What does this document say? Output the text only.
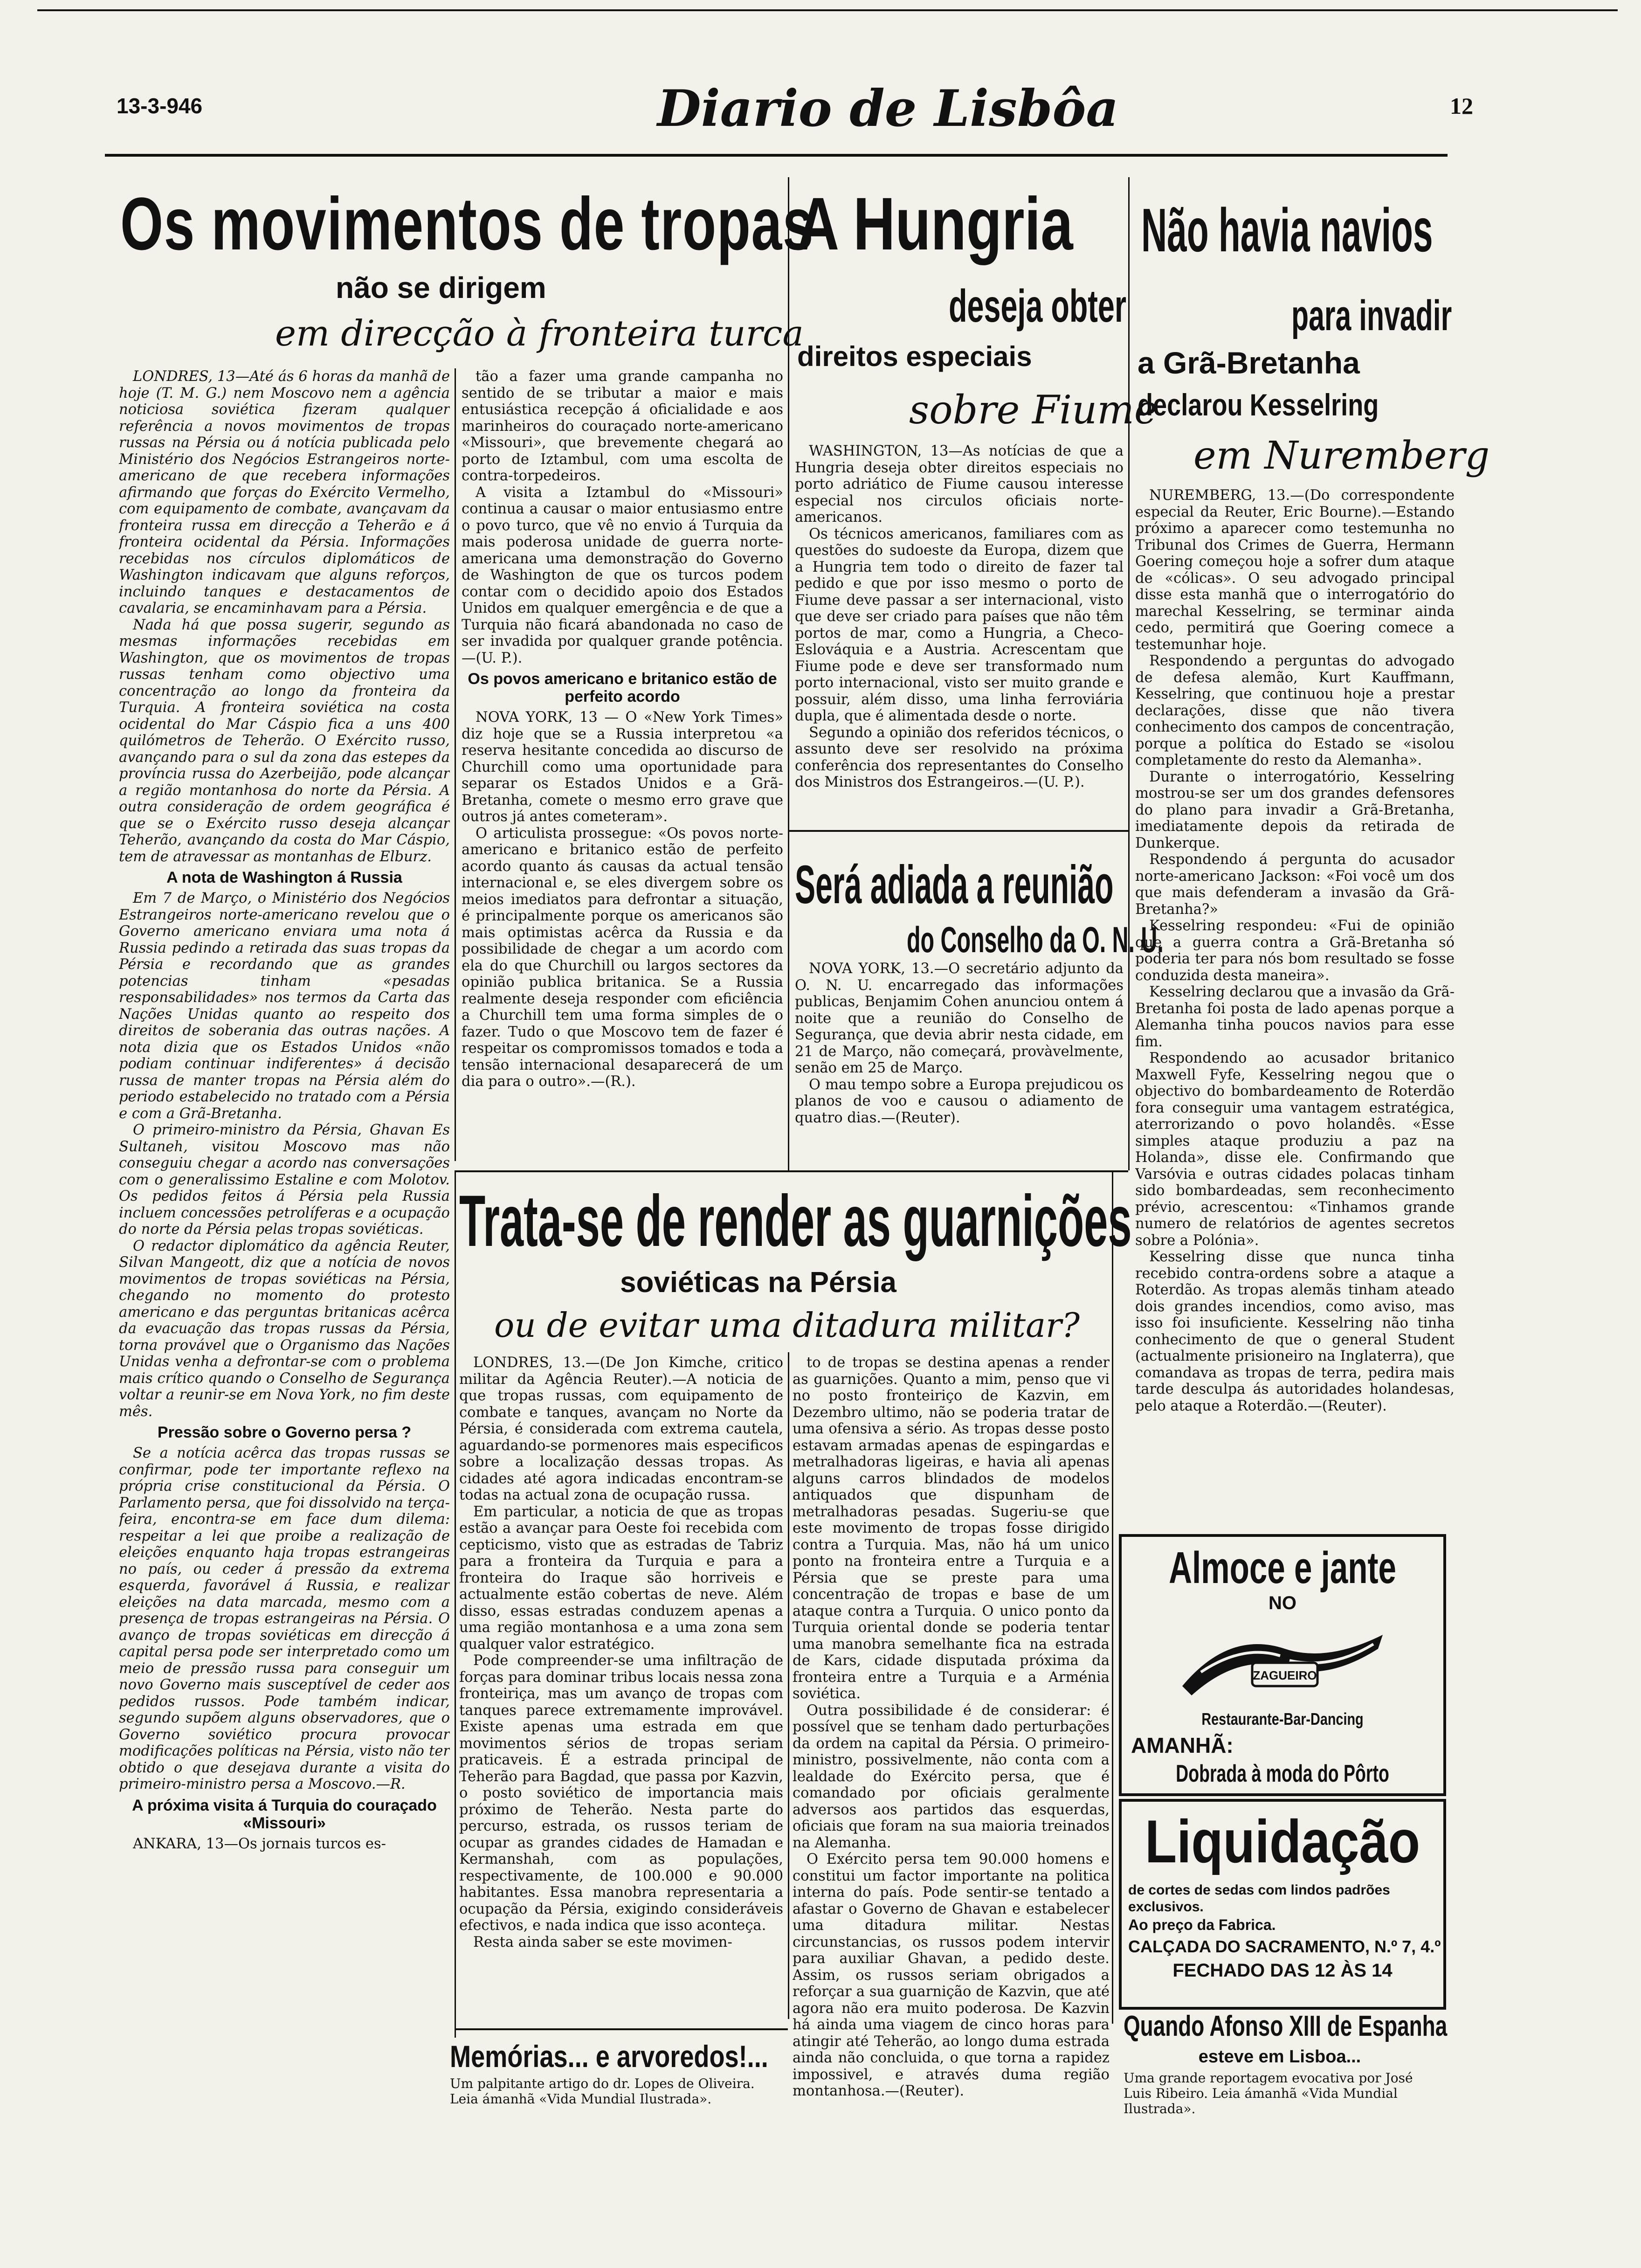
13-3-946	Diario de Lisbôa	12
Os movimentos de tropas
não se dirigem
em direcção à fronteira turca

LONDRES, 13—Até ás 6 horas da manhã de hoje (T. M. G.) nem Moscovo nem a agência noticiosa soviética fizeram qualquer referência a novos movimentos de tropas russas na Pérsia ou á notícia publicada pelo Ministério dos Negócios Estrangeiros norte-americano de que recebera informações afirmando que forças do Exército Vermelho, com equipamento de combate, avançavam da fronteira russa em direcção a Teherão e á fronteira ocidental da Pérsia. Informações recebidas nos círculos diplomáticos de Washington indicavam que alguns reforços, incluindo tanques e destacamentos de cavalaria, se encaminhavam para a Pérsia.

Nada há que possa sugerir, segundo as mesmas informações recebidas em Washington, que os movimentos de tropas russas tenham como objectivo uma concentração ao longo da fronteira da Turquia. A fronteira soviética na costa ocidental do Mar Cáspio fica a uns 400 quilómetros de Teherão. O Exército russo, avançando para o sul da zona das estepes da província russa do Azerbeijão, pode alcançar a região montanhosa do norte da Pérsia. A outra consideração de ordem geográfica é que se o Exército russo deseja alcançar Teherão, avançando da costa do Mar Cáspio, tem de atravessar as montanhas de Elburz.

A nota de Washington á Russia

Em 7 de Março, o Ministério dos Negócios Estrangeiros norte-americano revelou que o Governo americano enviara uma nota á Russia pedindo a retirada das suas tropas da Pérsia e recordando que as grandes potencias tinham «pesadas responsabilidades» nos termos da Carta das Nações Unidas quanto ao respeito dos direitos de soberania das outras nações. A nota dizia que os Estados Unidos «não podiam continuar indiferentes» á decisão russa de manter tropas na Pérsia além do periodo estabelecido no tratado com a Pérsia e com a Grã-Bretanha.

O primeiro-ministro da Pérsia, Ghavan Es Sultaneh, visitou Moscovo mas não conseguiu chegar a acordo nas conversações com o generalissimo Estaline e com Molotov. Os pedidos feitos á Pérsia pela Russia incluem concessões petrolíferas e a ocupação do norte da Pérsia pelas tropas soviéticas.

O redactor diplomático da agência Reuter, Silvan Mangeott, diz que a notícia de novos movimentos de tropas soviéticas na Pérsia, chegando no momento do protesto americano e das perguntas britanicas acêrca da evacuação das tropas russas da Pérsia, torna provável que o Organismo das Nações Unidas venha a defrontar-se com o problema mais crítico quando o Conselho de Segurança voltar a reunir-se em Nova York, no fim deste mês.

Pressão sobre o Governo persa ?

Se a notícia acêrca das tropas russas se confirmar, pode ter importante reflexo na própria crise constitucional da Pérsia. O Parlamento persa, que foi dissolvido na terça-feira, encontra-se em face dum dilema: respeitar a lei que proibe a realização de eleições enquanto haja tropas estrangeiras no país, ou ceder á pressão da extrema esquerda, favorável á Russia, e realizar eleições na data marcada, mesmo com a presença de tropas estrangeiras na Pérsia. O avanço de tropas soviéticas em direcção á capital persa pode ser interpretado como um meio de pressão russa para conseguir um novo Governo mais susceptível de ceder aos pedidos russos. Pode também indicar, segundo supõem alguns observadores, que o Governo soviético procura provocar modificações políticas na Pérsia, visto não ter obtido o que desejava durante a visita do primeiro-ministro persa a Moscovo.—R.

A próxima visita á Turquia do couraçado «Missouri»

ANKARA, 13—Os jornais turcos es-

tão a fazer uma grande campanha no sentido de se tributar a maior e mais entusiástica recepção á oficialidade e aos marinheiros do couraçado norte-americano «Missouri», que brevemente chegará ao porto de Iztambul, com uma escolta de contra-torpedeiros.

A visita a Iztambul do «Missouri» continua a causar o maior entusiasmo entre o povo turco, que vê no envio á Turquia da mais poderosa unidade de guerra norte-americana uma demonstração do Governo de Washington de que os turcos podem contar com o decidido apoio dos Estados Unidos em qualquer emergência e de que a Turquia não ficará abandonada no caso de ser invadida por qualquer grande potência.—(U. P.).

Os povos americano e britanico estão de perfeito acordo

NOVA YORK, 13 — O «New York Times» diz hoje que se a Russia interpretou «a reserva hesitante concedida ao discurso de Churchill como uma oportunidade para separar os Estados Unidos e a Grã-Bretanha, comete o mesmo erro grave que outros já antes cometeram».

O articulista prossegue: «Os povos norte-americano e britanico estão de perfeito acordo quanto ás causas da actual tensão internacional e, se eles divergem sobre os meios imediatos para defrontar a situação, é principalmente porque os americanos são mais optimistas acêrca da Russia e da possibilidade de chegar a um acordo com ela do que Churchill ou largos sectores da opinião publica britanica. Se a Russia realmente deseja responder com eficiência a Churchill tem uma forma simples de o fazer. Tudo o que Moscovo tem de fazer é respeitar os compromissos tomados e toda a tensão internacional desaparecerá de um dia para o outro».—(R.).

A Hungria
deseja obter
direitos especiais
sobre Fiume

WASHINGTON, 13—As notícias de que a Hungria deseja obter direitos especiais no porto adriático de Fiume causou interesse especial nos circulos oficiais norte-americanos.

Os técnicos americanos, familiares com as questões do sudoeste da Europa, dizem que a Hungria tem todo o direito de fazer tal pedido e que por isso mesmo o porto de Fiume deve passar a ser internacional, visto que deve ser criado para países que não têm portos de mar, como a Hungria, a Checo-Eslováquia e a Austria. Acrescentam que Fiume pode e deve ser transformado num porto internacional, visto ser muito grande e possuir, além disso, uma linha ferroviária dupla, que é alimentada desde o norte.

Segundo a opinião dos referidos técnicos, o assunto deve ser resolvido na próxima conferência dos representantes do Conselho dos Ministros dos Estrangeiros.—(U. P.).

Será adiada a reunião
do Conselho da O. N. U.

NOVA YORK, 13.—O secretário adjunto da O. N. U. encarregado das informações publicas, Benjamim Cohen anunciou ontem á noite que a reunião do Conselho de Segurança, que devia abrir nesta cidade, em 21 de Março, não começará, provàvelmente, senão em 25 de Março.

O mau tempo sobre a Europa prejudicou os planos de voo e causou o adiamento de quatro dias.—(Reuter).

Não havia navios
para invadir
a Grã-Bretanha
declarou Kesselring
em Nuremberg

NUREMBERG, 13.—(Do correspondente especial da Reuter, Eric Bourne).—Estando próximo a aparecer como testemunha no Tribunal dos Crimes de Guerra, Hermann Goering começou hoje a sofrer dum ataque de «cólicas». O seu advogado principal disse esta manhã que o interrogatório do marechal Kesselring, se terminar ainda cedo, permitirá que Goering comece a testemunhar hoje.

Respondendo a perguntas do advogado de defesa alemão, Kurt Kauffmann, Kesselring, que continuou hoje a prestar declarações, disse que não tivera conhecimento dos campos de concentração, porque a política do Estado se «isolou completamente do resto da Alemanha».

Durante o interrogatório, Kesselring mostrou-se ser um dos grandes defensores do plano para invadir a Grã-Bretanha, imediatamente depois da retirada de Dunkerque.

Respondendo á pergunta do acusador norte-americano Jackson: «Foi você um dos que mais defenderam a invasão da Grã-Bretanha?»

Kesselring respondeu: «Fui de opinião que a guerra contra a Grã-Bretanha só poderia ter para nós bom resultado se fosse conduzida desta maneira».

Kesselring declarou que a invasão da Grã-Bretanha foi posta de lado apenas porque a Alemanha tinha poucos navios para esse fim.

Respondendo ao acusador britanico Maxwell Fyfe, Kesselring negou que o objectivo do bombardeamento de Roterdão fora conseguir uma vantagem estratégica, aterrorizando o povo holandês. «Esse simples ataque produziu a paz na Holanda», disse ele. Confirmando que Varsóvia e outras cidades polacas tinham sido bombardeadas, sem reconhecimento prévio, acrescentou: «Tinhamos grande numero de relatórios de agentes secretos sobre a Polónia».

Kesselring disse que nunca tinha recebido contra-ordens sobre a ataque a Roterdão. As tropas alemãs tinham ateado dois grandes incendios, como aviso, mas isso foi insuficiente. Kesselring não tinha conhecimento de que o general Student (actualmente prisioneiro na Inglaterra), que comandava as tropas de terra, pedira mais tarde desculpa ás autoridades holandesas, pelo ataque a Roterdão.—(Reuter).

Trata-se de render as guarnições
soviéticas na Pérsia
ou de evitar uma ditadura militar?

LONDRES, 13.—(De Jon Kimche, critico militar da Agência Reuter).—A noticia de que tropas russas, com equipamento de combate e tanques, avançam no Norte da Pérsia, é considerada com extrema cautela, aguardando-se pormenores mais especificos sobre a localização dessas tropas. As cidades até agora indicadas encontram-se todas na actual zona de ocupação russa.

Em particular, a noticia de que as tropas estão a avançar para Oeste foi recebida com cepticismo, visto que as estradas de Tabriz para a fronteira da Turquia e para a fronteira do Iraque são horriveis e actualmente estão cobertas de neve. Além disso, essas estradas conduzem apenas a uma região montanhosa e a uma zona sem qualquer valor estratégico.

Pode compreender-se uma infiltração de forças para dominar tribus locais nessa zona fronteiriça, mas um avanço de tropas com tanques parece extremamente improvável. Existe apenas uma estrada em que movimentos sérios de tropas seriam praticaveis. É a estrada principal de Teherão para Bagdad, que passa por Kazvin, o posto soviético de importancia mais próximo de Teherão. Nesta parte do percurso, estrada, os russos teriam de ocupar as grandes cidades de Hamadan e Kermanshah, com as populações, respectivamente, de 100.000 e 90.000 habitantes. Essa manobra representaria a ocupação da Pérsia, exigindo consideráveis efectivos, e nada indica que isso aconteça.

Resta ainda saber se este movimen-

to de tropas se destina apenas a render as guarnições. Quanto a mim, penso que vi no posto fronteiriço de Kazvin, em Dezembro ultimo, não se poderia tratar de uma ofensiva a sério. As tropas desse posto estavam armadas apenas de espingardas e metralhadoras ligeiras, e havia ali apenas alguns carros blindados de modelos antiquados que dispunham de metralhadoras pesadas. Sugeriu-se que este movimento de tropas fosse dirigido contra a Turquia. Mas, não há um unico ponto na fronteira entre a Turquia e a Pérsia que se preste para uma concentração de tropas e base de um ataque contra a Turquia. O unico ponto da Turquia oriental donde se poderia tentar uma manobra semelhante fica na estrada de Kars, cidade disputada próxima da fronteira entre a Turquia e a Arménia soviética.

Outra possibilidade é de considerar: é possível que se tenham dado perturbações da ordem na capital da Pérsia. O primeiro-ministro, possivelmente, não conta com a lealdade do Exército persa, que é comandado por oficiais geralmente adversos aos partidos das esquerdas, oficiais que foram na sua maioria treinados na Alemanha.

O Exército persa tem 90.000 homens e constitui um factor importante na politica interna do país. Pode sentir-se tentado a afastar o Governo de Ghavan e estabelecer uma ditadura militar. Nestas circunstancias, os russos podem intervir para auxiliar Ghavan, a pedido deste. Assim, os russos seriam obrigados a reforçar a sua guarnição de Kazvin, que até agora não era muito poderosa. De Kazvin há ainda uma viagem de cinco horas para atingir até Teherão, ao longo duma estrada ainda não concluida, o que torna a rapidez impossivel, e através duma região montanhosa.—(Reuter).

Memórias... e arvoredos!...
Um palpitante artigo do dr. Lopes de Oliveira. Leia ámanhã «Vida Mundial Ilustrada».
Almoce e jante
NO
ZAGUEIRO
Restaurante-Bar-Dancing
AMANHÃ:
Dobrada à moda do Pôrto
Liquidação
de cortes de sedas com lindos padrões exclusivos.
Ao preço da Fabrica.
CALÇADA DO SACRAMENTO, N.º 7, 4.º
FECHADO DAS 12 ÀS 14
Quando Afonso XIII de Espanha
esteve em Lisboa...
Uma grande reportagem evocativa por José Luis Ribeiro. Leia ámanhã «Vida Mundial Ilustrada».
